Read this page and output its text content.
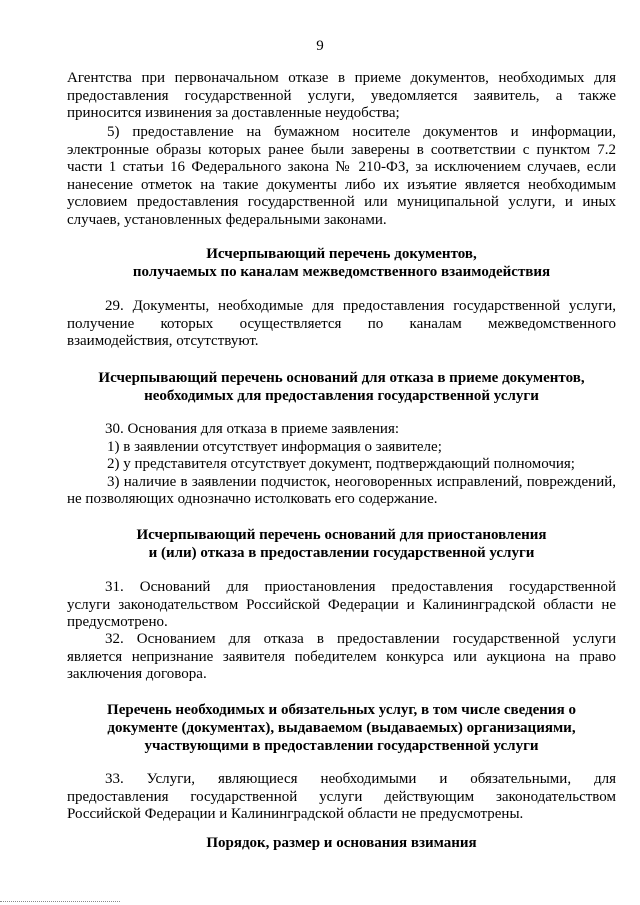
9
Агентства при первоначальном отказе в приеме документов, необходимых для
предоставления государственной услуги, уведомляется заявитель, а также
приносится извинения за доставленные неудобства;
5) предоставление на бумажном носителе документов и информации,
электронные образы которых ранее были заверены в соответствии с пунктом 7.2
части 1 статьи 16 Федерального закона № 210-ФЗ, за исключением случаев, если
нанесение отметок на такие документы либо их изъятие является необходимым
условием предоставления государственной или муниципальной услуги, и иных
случаев, установленных федеральными законами.
Исчерпывающий перечень документов,
получаемых по каналам межведомственного взаимодействия
29. Документы, необходимые для предоставления государственной услуги,
получение которых осуществляется по каналам межведомственного
взаимодействия, отсутствуют.
Исчерпывающий перечень оснований для отказа в приеме документов,
необходимых для предоставления государственной услуги
30. Основания для отказа в приеме заявления:
1) в заявлении отсутствует информация о заявителе;
2) у представителя отсутствует документ, подтверждающий полномочия;
3) наличие в заявлении подчисток, неоговоренных исправлений, повреждений,
не позволяющих однозначно истолковать его содержание.
Исчерпывающий перечень оснований для приостановления
и (или) отказа в предоставлении государственной услуги
31. Оснований для приостановления предоставления государственной
услуги законодательством Российской Федерации и Калининградской области не
предусмотрено.
32. Основанием для отказа в предоставлении государственной услуги
является непризнание заявителя победителем конкурса или аукциона на право
заключения договора.
Перечень необходимых и обязательных услуг, в том числе сведения о
документе (документах), выдаваемом (выдаваемых) организациями,
участвующими в предоставлении государственной услуги
33. Услуги, являющиеся необходимыми и обязательными, для
предоставления государственной услуги действующим законодательством
Российской Федерации и Калининградской области не предусмотрены.
Порядок, размер и основания взимания
